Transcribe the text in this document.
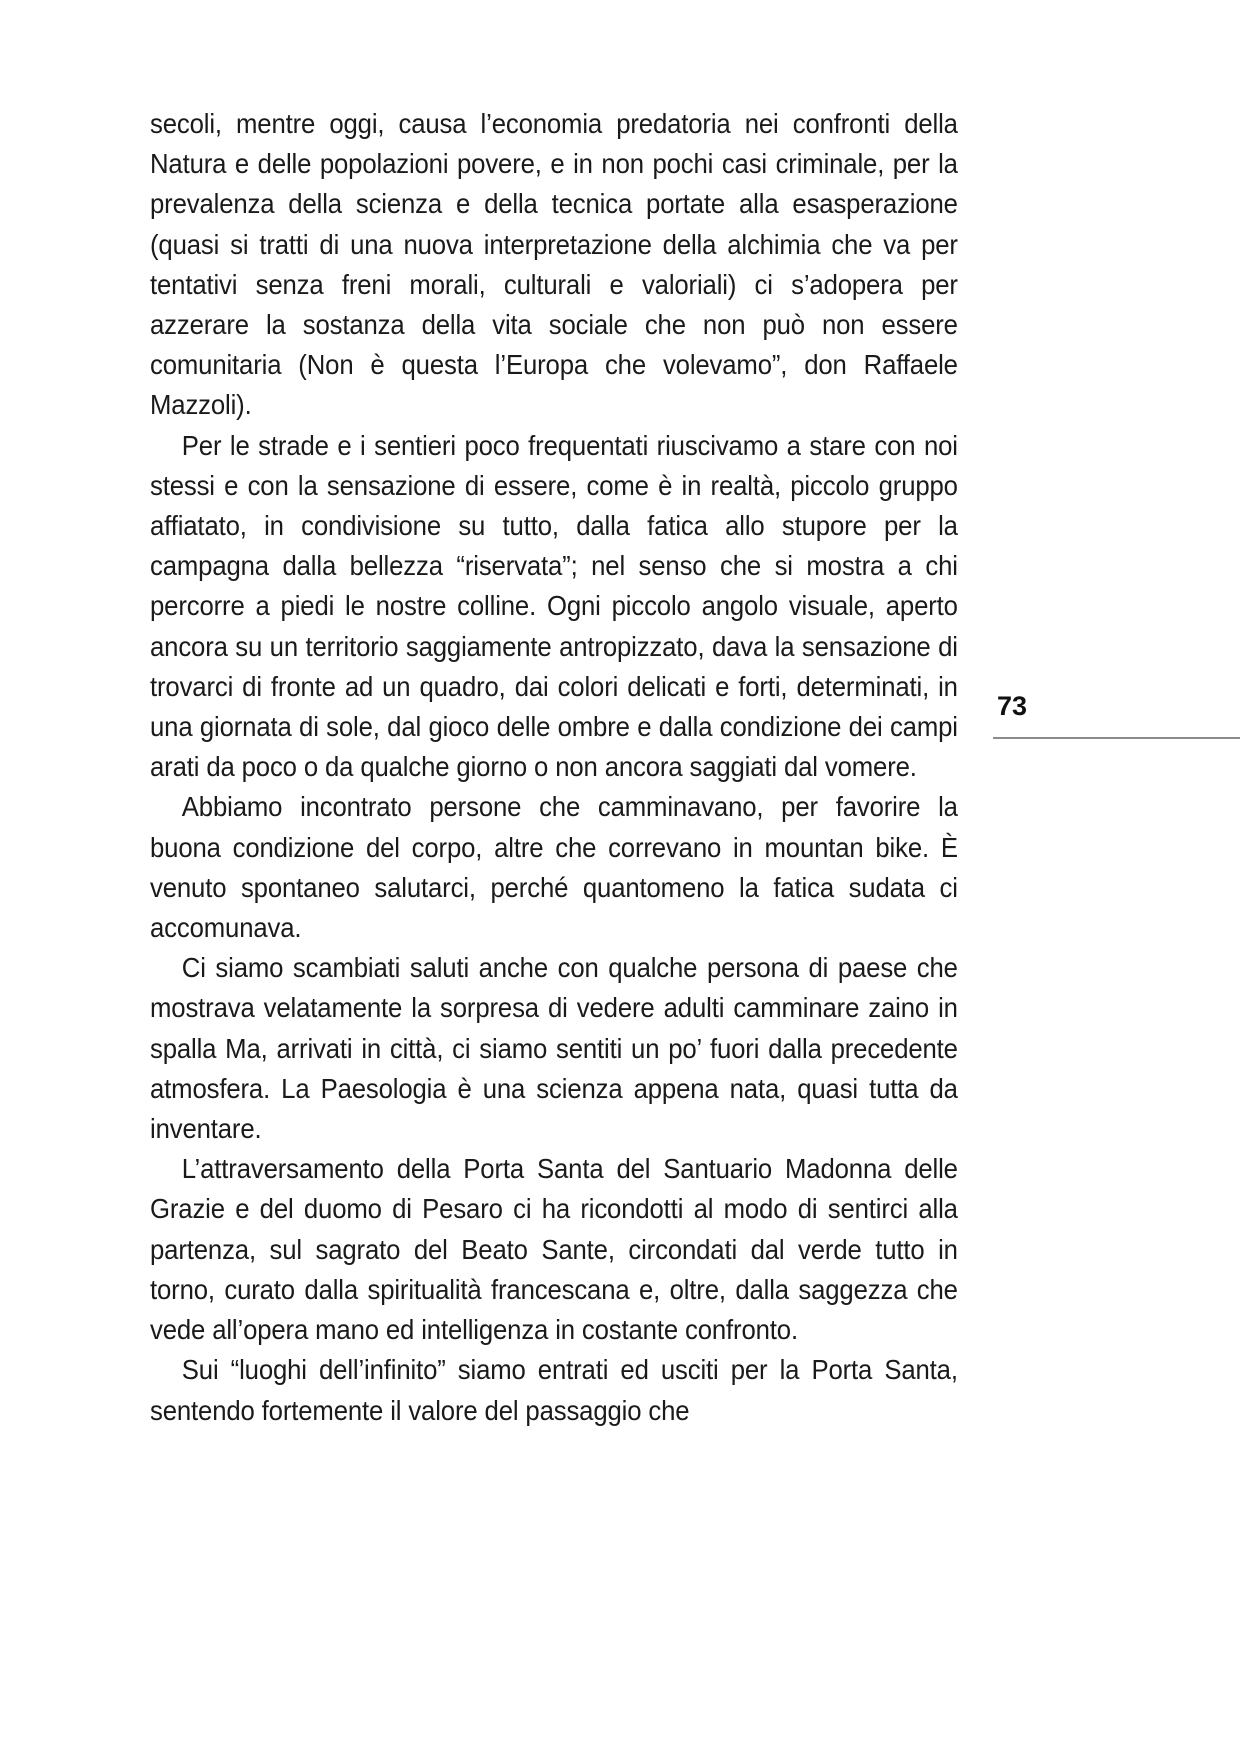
secoli, mentre oggi, causa l’economia predatoria nei confronti della Natura e delle popolazioni povere, e in non pochi casi criminale, per la prevalenza della scienza e della tecnica portate alla esasperazione (quasi si tratti di una nuova interpretazione della alchimia che va per tentativi senza freni morali, culturali e valoriali) ci s’adopera per azzerare la sostanza della vita sociale che non può non essere comunitaria (Non è questa l’Europa che volevamo”, don Raffaele Mazzoli).

Per le strade e i sentieri poco frequentati riuscivamo a stare con noi stessi e con la sensazione di essere, come è in realtà, piccolo gruppo affiatato, in condivisione su tutto, dalla fatica allo stupore per la campagna dalla bellezza “riservata”; nel senso che si mostra a chi percorre a piedi le nostre colline. Ogni piccolo angolo visuale, aperto ancora su un territorio saggiamente antropizzato, dava la sensazione di trovarci di fronte ad un quadro, dai colori delicati e forti, determinati, in una giornata di sole, dal gioco delle ombre e dalla condizione dei campi arati da poco o da qualche giorno o non ancora saggiati dal vomere.

Abbiamo incontrato persone che camminavano, per favorire la buona condizione del corpo, altre che correvano in mountan bike. È venuto spontaneo salutarci, perché quantomeno la fatica sudata ci accomunava.

Ci siamo scambiati saluti anche con qualche persona di paese che mostrava velatamente la sorpresa di vedere adulti camminare zaino in spalla Ma, arrivati in città, ci siamo sentiti un po’ fuori dalla precedente atmosfera. La Paesologia è una scienza appena nata, quasi tutta da inventare.

L’attraversamento della Porta Santa del Santuario Madonna delle Grazie e del duomo di Pesaro ci ha ricondotti al modo di sentirci alla partenza, sul sagrato del Beato Sante, circondati dal verde tutto in torno, curato dalla spiritualità francescana e, oltre, dalla saggezza che vede all’opera mano ed intelligenza in costante confronto.

Sui “luoghi dell’infinito” siamo entrati ed usciti per la Porta Santa, sentendo fortemente il valore del passaggio che

73
